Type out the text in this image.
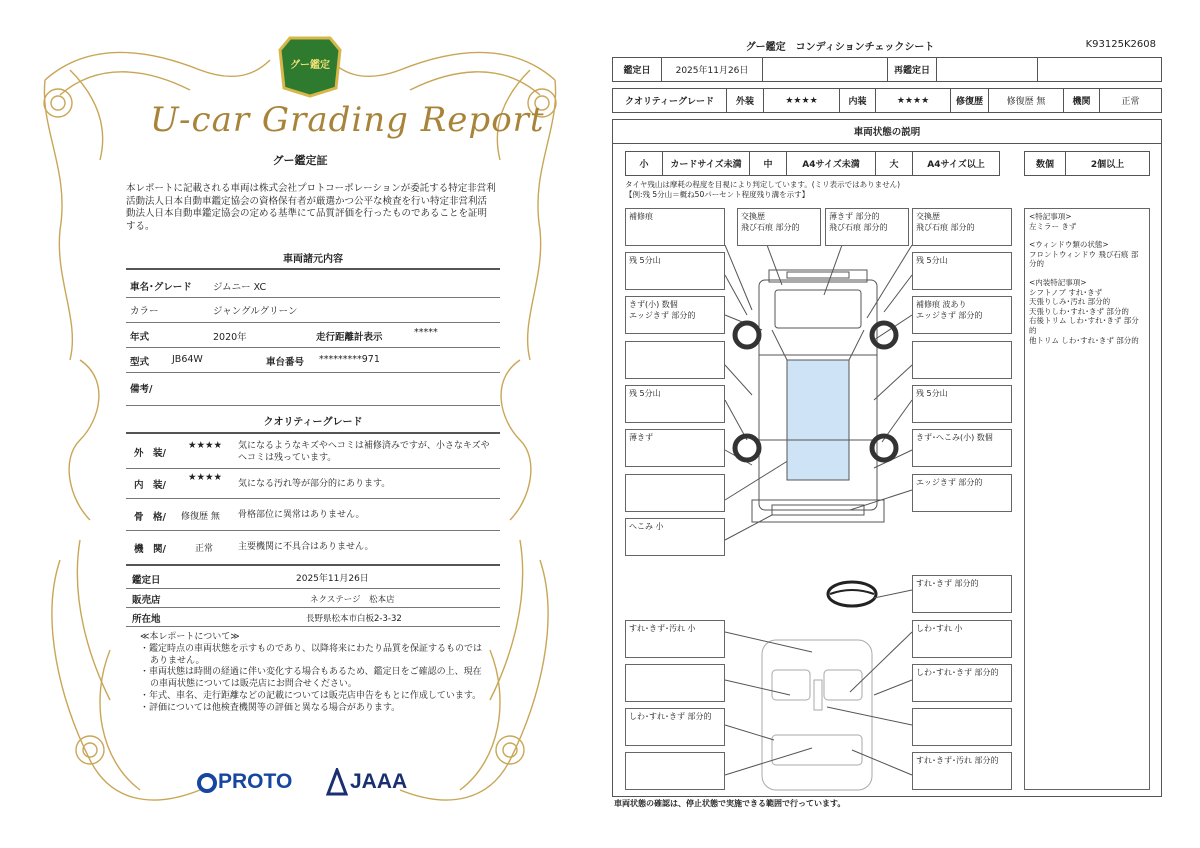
グー鑑定
U-car Grading Report
グー鑑定証
本レポートに記載される車両は株式会社プロトコーポレーションが委託する特定非営利活動法人日本自動車鑑定協会の資格保有者が厳選かつ公平な検査を行い特定非営利活動法人日本自動車鑑定協会の定める基準にて品質評価を行ったものであることを証明する。
車両諸元内容
車名･グレード ジムニー XC
カラー	ジャングルグリーン
年式	2020年	走行距離計表示	*****
型式 JB64W	車台番号 *********971
備考/
クオリティーグレード
外　装/
★★★★ 気になるようなキズやヘコミは補修済みですが、小さなキズやヘコミは残っています。
内　装/
★★★★
気になる汚れ等が部分的にあります。
骨　格/ 修復歴 無 骨格部位に異常はありません。
機　関/	正常	主要機関に不具合はありません。
鑑定日	2025年11月26日
販売店	ネクステージ　松本店
所在地	長野県松本市白板2-3-32
≪本レポートについて≫
・鑑定時点の車両状態を示すものであり、以降将来にわたり品質を保証するものではありません。
・車両状態は時間の経過に伴い変化する場合もあるため、鑑定日をご確認の上、現在の車両状態については販売店にお問合せください。
・年式、車名、走行距離などの記載については販売店申告をもとに作成しています。
・評価については他検査機関等の評価と異なる場合があります。
PROTO	JAAA
グー鑑定　コンディションチェックシート	K93125K2608
鑑定日	2025年11月26日	再鑑定日
クオリティーグレード	外装	★★★★	内装	★★★★	修復歴	修復歴 無	機関	正常
車両状態の説明
小	カードサイズ未満	中	A4サイズ未満	大	A4サイズ以上	数個	2個以上
タイヤ残山は摩耗の程度を目視により判定しています。(ミリ表示ではありません)
【例:残 5分山＝概ね50パーセント程度残り溝を示す】
補修痕
残 5分山
きず(小) 数個
エッジきず 部分的
残 5分山
薄きず
へこみ 小
交換歴
飛び石痕 部分的
薄きず 部分的
飛び石痕 部分的
交換歴
飛び石痕 部分的
残 5分山
補修痕 波あり
エッジきず 部分的
残 5分山
きず･へこみ(小) 数個
エッジきず 部分的
すれ･きず 部分的
すれ･きず･汚れ 小	しわ･すれ 小
しわ･すれ･きず 部分的
しわ･すれ･きず 部分的
すれ･きず･汚れ 部分的
<特記事項>
左ミラー きず
<ウィンドウ類の状態>
フロントウィンドウ 飛び石痕 部分的
<内装特記事項>
シフトノブ すれ･きず
天張りしみ･汚れ 部分的
天張りしわ･すれ･きず 部分的
右後トリム しわ･すれ･きず 部分的
他トリム しわ･すれ･きず 部分的
車両状態の確認は、停止状態で実施できる範囲で行っています。
